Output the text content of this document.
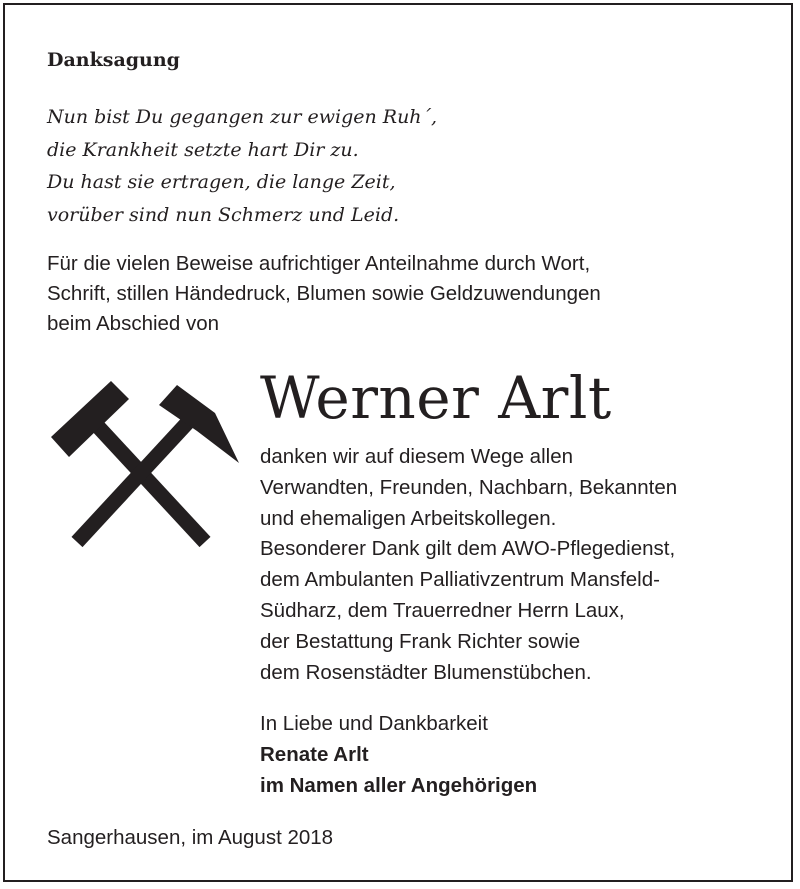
Danksagung
Nun bist Du gegangen zur ewigen Ruh´,
die Krankheit setzte hart Dir zu.
Du hast sie ertragen, die lange Zeit,
vorüber sind nun Schmerz und Leid.
Für die vielen Beweise aufrichtiger Anteilnahme durch Wort,
Schrift, stillen Händedruck, Blumen sowie Geldzuwendungen
beim Abschied von
Werner Arlt
danken wir auf diesem Wege allen
Verwandten, Freunden, Nachbarn, Bekannten
und ehemaligen Arbeitskollegen.
Besonderer Dank gilt dem AWO-Pflegedienst,
dem Ambulanten Palliativzentrum Mansfeld-
Südharz, dem Trauerredner Herrn Laux,
der Bestattung Frank Richter sowie
dem Rosenstädter Blumenstübchen.
In Liebe und Dankbarkeit
Renate Arlt
im Namen aller Angehörigen
Sangerhausen, im August 2018
